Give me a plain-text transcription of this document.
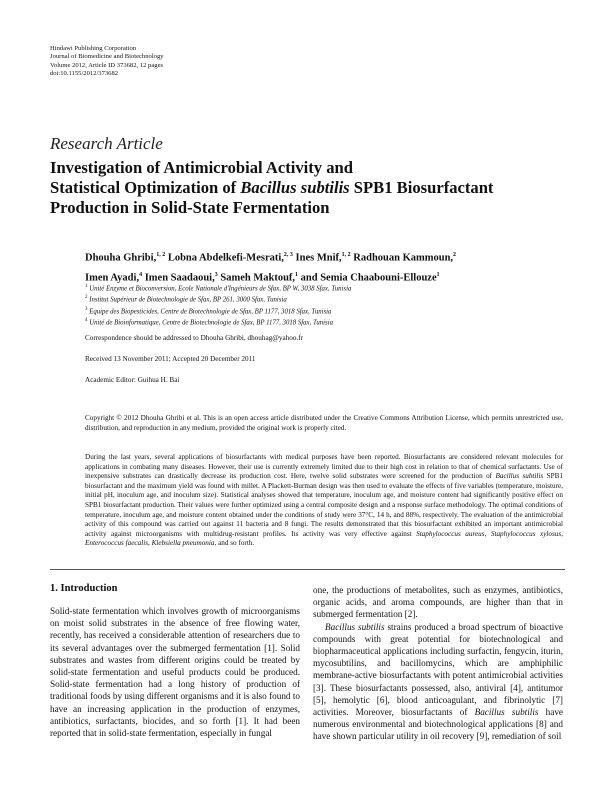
Hindawi Publishing Corporation
Journal of Biomedicine and Biotechnology
Volume 2012, Article ID 373682, 12 pages
doi:10.1155/2012/373682
Research Article
Investigation of Antimicrobial Activity and
Statistical Optimization of Bacillus subtilis SPB1 Biosurfactant
Production in Solid-State Fermentation
Dhouha Ghribi,$^{1, 2}$ Lobna Abdelkefi-Mesrati,$^{2, 3}$ Ines Mnif,$^{1, 2}$ Radhouan Kammoun,$^2$
Imen Ayadi,$^4$ Imen Saadaoui,$^3$ Sameh Maktouf,$^1$ and Semia Chaabouni-Ellouze$^1$
$^1$ Unité Enzyme et Bioconversion, Ecole Nationale d'Ingénieurs de Sfax, BP W, 3038 Sfax, Tunisia
$^2$ Institut Supérieur de Biotechnologie de Sfax, BP 261, 3000 Sfax, Tunisia
$^3$ Equipe des Biopesticides, Centre de Biotechnologie de Sfax, BP 1177, 3018 Sfax, Tunisia
$^4$ Unité de Bioinformatique, Centre de Biotechnologie de Sfax, BP 1177, 3018 Sfax, Tunisia
Correspondence should be addressed to Dhouha Ghribi, dhouhag@yahoo.fr
Received 13 November 2011; Accepted 20 December 2011
Academic Editor: Guihua H. Bai
Copyright © 2012 Dhouha Ghribi et al. This is an open access article distributed under the Creative Commons Attribution License, which permits unrestricted use, distribution, and reproduction in any medium, provided the original work is properly cited.
During the last years, several applications of biosurfactants with medical purposes have been reported. Biosurfactants are considered relevant molecules for applications in combating many diseases. However, their use is currently extremely limited due to their high cost in relation to that of chemical surfactants. Use of inexpensive substrates can drastically decrease its production cost. Here, twelve solid substrates were screened for the production of Bacillus subtilis SPB1 biosurfactant and the maximum yield was found with millet. A Plackett-Burman design was then used to evaluate the effects of five variables (temperature, moisture, initial pH, inoculum age, and inoculum size). Statistical analyses showed that temperature, inoculum age, and moisture content had significantly positive effect on SPB1 biosurfactant production. Their values were further optimized using a central composite design and a response surface methodology. The optimal conditions of temperature, inoculum age, and moisture content obtained under the conditions of study were 37°C, 14 h, and 88%, respectively. The evaluation of the antimicrobial activity of this compound was carried out against 11 bacteria and 8 fungi. The results demonstrated that this biosurfactant exhibited an important antimicrobial activity against microorganisms with multidrug-resistant profiles. Its activity was very effective against Staphylococcus aureus, Staphylococcus xylosus, Enterococcus faecalis, Klebsiella pneumonia, and so forth.
1. Introduction

Solid-state fermentation which involves growth of microorganisms on moist solid substrates in the absence of free flowing water, recently, has received a considerable attention of researchers due to its several advantages over the submerged fermentation [1]. Solid substrates and wastes from different origins could be treated by solid-state fermentation and useful products could be produced. Solid-state fermentation had a long history of production of traditional foods by using different organisms and it is also found to have an increasing application in the production of enzymes, antibiotics, surfactants, biocides, and so forth [1]. It had been reported that in solid-state fermentation, especially in fungal

one, the productions of metabolites, such as enzymes, antibiotics, organic acids, and aroma compounds, are higher than that in submerged fermentation [2].

Bacillus subtilis strains produced a broad spectrum of bioactive compounds with great potential for biotechnological and biopharmaceutical applications including surfactin, fengycin, iturin, mycosubtilins, and bacillomycins, which are amphiphilic membrane-active biosurfactants with potent antimicrobial activities [3]. These biosurfactants possessed, also, antiviral [4], antitumor [5], hemolytic [6], blood anticoagulant, and fibrinolytic [7] activities. Moreover, biosurfactants of Bacillus subtilis have numerous environmental and biotechnological applications [8] and have shown particular utility in oil recovery [9], remediation of soil
